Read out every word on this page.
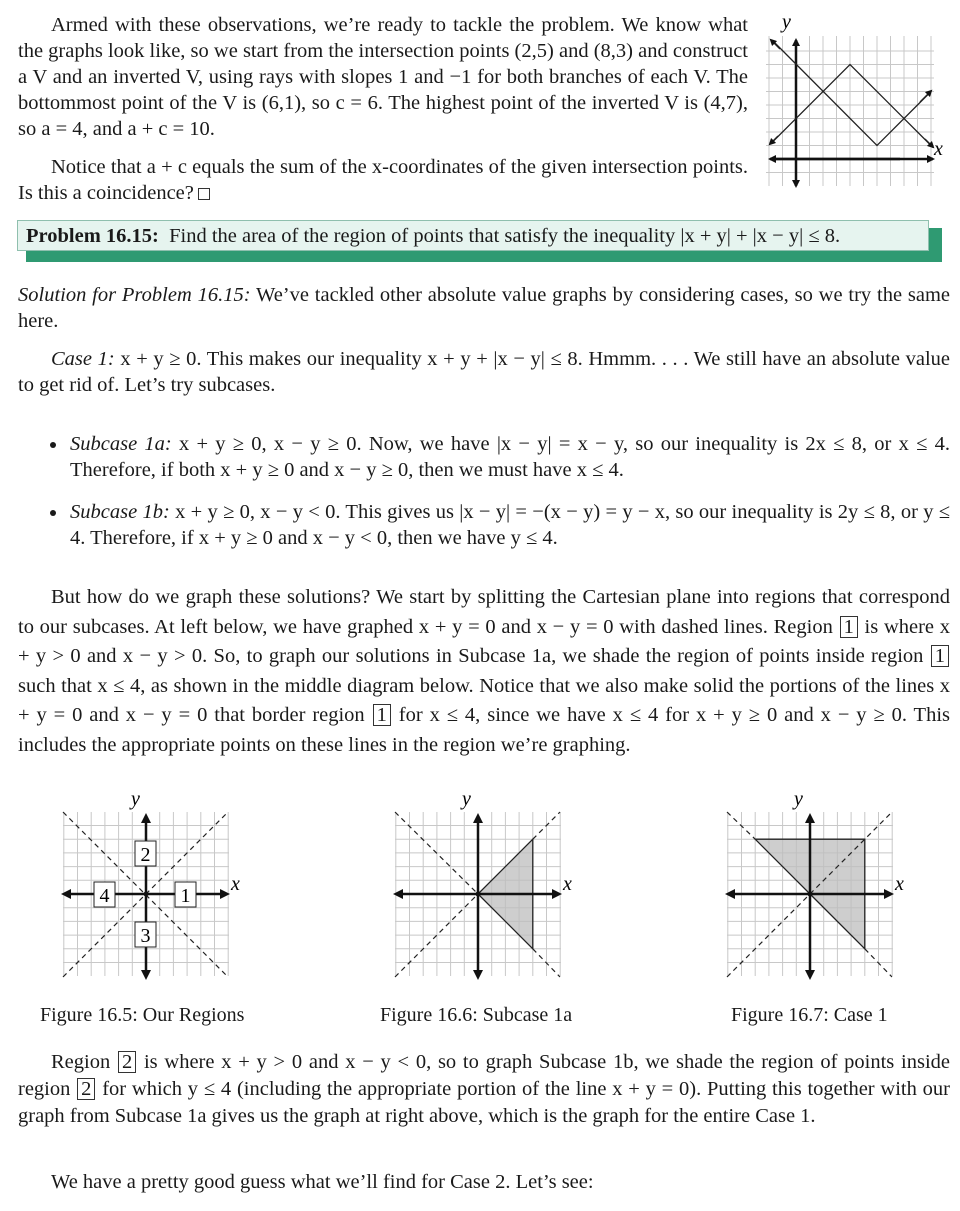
Armed with these observations, we’re ready to tackle the problem. We know what the graphs look like, so we start from the intersection points (2,5) and (8,3) and construct a V and an inverted V, using rays with slopes 1 and −1 for both branches of each V. The bottommost point of the V is (6,1), so c = 6. The highest point of the inverted V is (4,7), so a = 4, and a + c = 10.
Notice that a + c equals the sum of the x-coordinates of the given intersection points. Is this a coincidence?
y
x
Problem 16.15: Find the area of the region of points that satisfy the inequality |x + y| + |x − y| ≤ 8.
Solution for Problem 16.15: We’ve tackled other absolute value graphs by considering cases, so we try the same here.
Case 1: x + y ≥ 0. This makes our inequality x + y + |x − y| ≤ 8. Hmmm. . . . We still have an absolute value to get rid of. Let’s try subcases.
Subcase 1a: x + y ≥ 0, x − y ≥ 0. Now, we have |x − y| = x − y, so our inequality is 2x ≤ 8, or x ≤ 4. Therefore, if both x + y ≥ 0 and x − y ≥ 0, then we must have x ≤ 4.
Subcase 1b: x + y ≥ 0, x − y < 0. This gives us |x − y| = −(x − y) = y − x, so our inequality is 2y ≤ 8, or y ≤ 4. Therefore, if x + y ≥ 0 and x − y < 0, then we have y ≤ 4.
But how do we graph these solutions? We start by splitting the Cartesian plane into regions that correspond to our subcases. At left below, we have graphed x + y = 0 and x − y = 0 with dashed lines. Region 1 is where x + y > 0 and x − y > 0. So, to graph our solutions in Subcase 1a, we shade the region of points inside region 1 such that x ≤ 4, as shown in the middle diagram below. Notice that we also make solid the portions of the lines x + y = 0 and x − y = 0 that border region 1 for x ≤ 4, since we have x ≤ 4 for x + y ≥ 0 and x − y ≥ 0. This includes the appropriate points on these lines in the region we’re graphing.
1
2
3
4
y
x
y
x
y
x
Figure 16.5: Our Regions	Figure 16.6: Subcase 1a	Figure 16.7: Case 1
Region 2 is where x + y > 0 and x − y < 0, so to graph Subcase 1b, we shade the region of points inside region 2 for which y ≤ 4 (including the appropriate portion of the line x + y = 0). Putting this together with our graph from Subcase 1a gives us the graph at right above, which is the graph for the entire Case 1.
We have a pretty good guess what we’ll find for Case 2. Let’s see:
